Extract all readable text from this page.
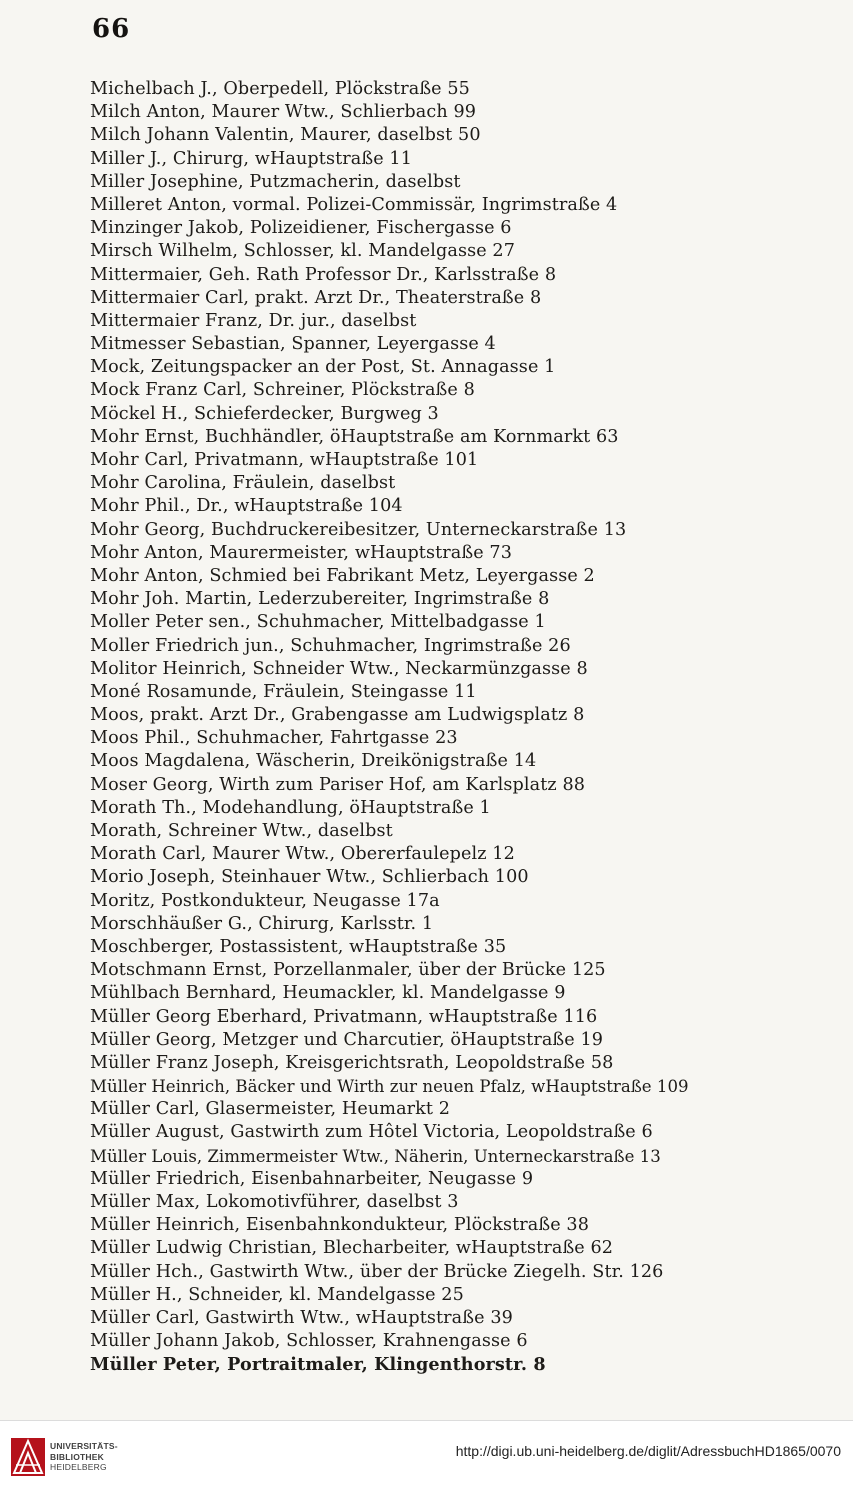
66
Michelbach J., Oberpedell, Plöckstraße 55
Milch Anton, Maurer Wtw., Schlierbach 99
Milch Johann Valentin, Maurer, daselbst 50
Miller J., Chirurg, wHauptstraße 11
Miller Josephine, Putzmacherin, daselbst
Milleret Anton, vormal. Polizei-Commissär, Ingrimstraße 4
Minzinger Jakob, Polizeidiener, Fischergasse 6
Mirsch Wilhelm, Schlosser, kl. Mandelgasse 27
Mittermaier, Geh. Rath Professor Dr., Karlsstraße 8
Mittermaier Carl, prakt. Arzt Dr., Theaterstraße 8
Mittermaier Franz, Dr. jur., daselbst
Mitmesser Sebastian, Spanner, Leyergasse 4
Mock, Zeitungspacker an der Post, St. Annagasse 1
Mock Franz Carl, Schreiner, Plöckstraße 8
Möckel H., Schieferdecker, Burgweg 3
Mohr Ernst, Buchhändler, öHauptstraße am Kornmarkt 63
Mohr Carl, Privatmann, wHauptstraße 101
Mohr Carolina, Fräulein, daselbst
Mohr Phil., Dr., wHauptstraße 104
Mohr Georg, Buchdruckereibesitzer, Unterneckarstraße 13
Mohr Anton, Maurermeister, wHauptstraße 73
Mohr Anton, Schmied bei Fabrikant Metz, Leyergasse 2
Mohr Joh. Martin, Lederzubereiter, Ingrimstraße 8
Moller Peter sen., Schuhmacher, Mittelbadgasse 1
Moller Friedrich jun., Schuhmacher, Ingrimstraße 26
Molitor Heinrich, Schneider Wtw., Neckarmünzgasse 8
Moné Rosamunde, Fräulein, Steingasse 11
Moos, prakt. Arzt Dr., Grabengasse am Ludwigsplatz 8
Moos Phil., Schuhmacher, Fahrtgasse 23
Moos Magdalena, Wäscherin, Dreikönigstraße 14
Moser Georg, Wirth zum Pariser Hof, am Karlsplatz 88
Morath Th., Modehandlung, öHauptstraße 1
Morath, Schreiner Wtw., daselbst
Morath Carl, Maurer Wtw., Obererfaulepelz 12
Morio Joseph, Steinhauer Wtw., Schlierbach 100
Moritz, Postkondukteur, Neugasse 17a
Morschhäußer G., Chirurg, Karlsstr. 1
Moschberger, Postassistent, wHauptstraße 35
Motschmann Ernst, Porzellanmaler, über der Brücke 125
Mühlbach Bernhard, Heumackler, kl. Mandelgasse 9
Müller Georg Eberhard, Privatmann, wHauptstraße 116
Müller Georg, Metzger und Charcutier, öHauptstraße 19
Müller Franz Joseph, Kreisgerichtsrath, Leopoldstraße 58
Müller Heinrich, Bäcker und Wirth zur neuen Pfalz, wHauptstraße 109
Müller Carl, Glasermeister, Heumarkt 2
Müller August, Gastwirth zum Hôtel Victoria, Leopoldstraße 6
Müller Louis, Zimmermeister Wtw., Näherin, Unterneckarstraße 13
Müller Friedrich, Eisenbahnarbeiter, Neugasse 9
Müller Max, Lokomotivführer, daselbst 3
Müller Heinrich, Eisenbahnkondukteur, Plöckstraße 38
Müller Ludwig Christian, Blecharbeiter, wHauptstraße 62
Müller Hch., Gastwirth Wtw., über der Brücke Ziegelh. Str. 126
Müller H., Schneider, kl. Mandelgasse 25
Müller Carl, Gastwirth Wtw., wHauptstraße 39
Müller Johann Jakob, Schlosser, Krahnengasse 6
Müller Peter, Portraitmaler, Klingenthorstr. 8
UNIVERSITÄTS-
BIBLIOTHEK
HEIDELBERG
http://digi.ub.uni-heidelberg.de/diglit/AdressbuchHD1865/0070
